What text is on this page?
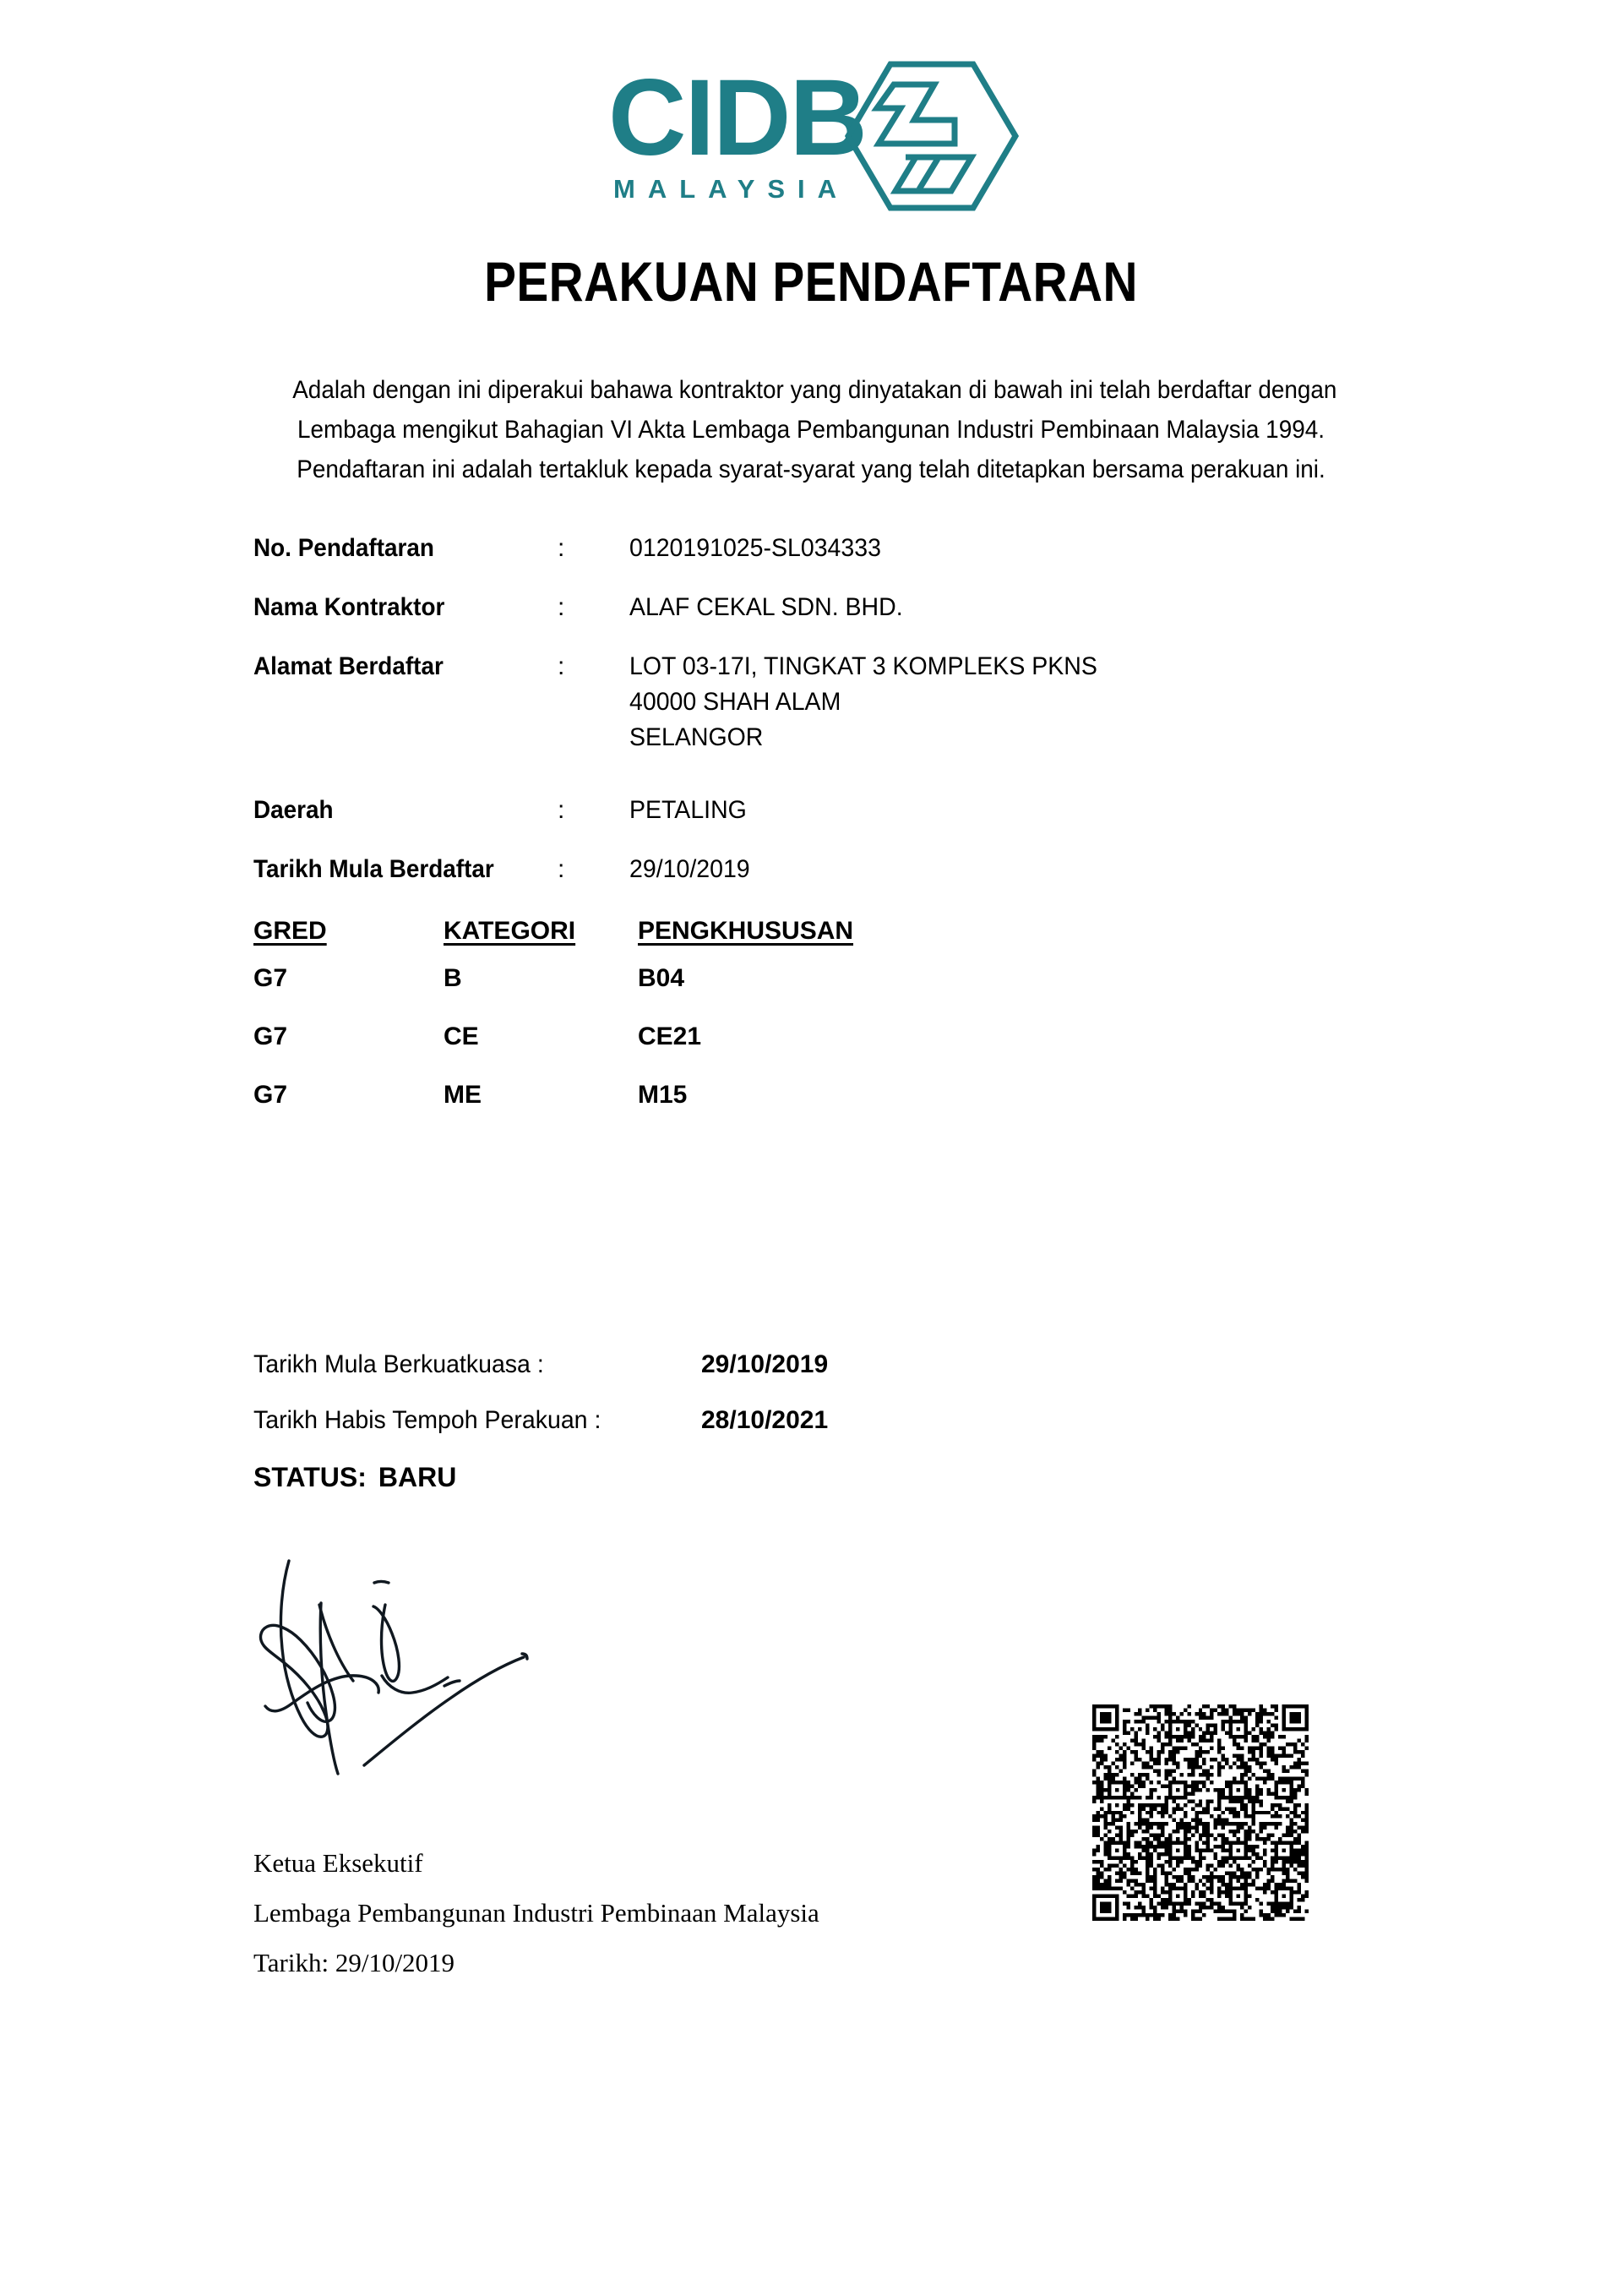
CIDB
MALAYSIA
PERAKUAN PENDAFTARAN
Adalah dengan ini diperakui bahawa kontraktor yang dinyatakan di bawah ini telah berdaftar dengan
Lembaga mengikut Bahagian VI Akta Lembaga Pembangunan Industri Pembinaan Malaysia 1994.
Pendaftaran ini adalah tertakluk kepada syarat-syarat yang telah ditetapkan bersama perakuan ini.
No. Pendaftaran	:	0120191025-SL034333
Nama Kontraktor	:	ALAF CEKAL SDN. BHD.
Alamat Berdaftar	:	LOT 03-17I, TINGKAT 3 KOMPLEKS PKNS
40000 SHAH ALAM
SELANGOR
Daerah	:	PETALING
Tarikh Mula Berdaftar	:	29/10/2019
GRED	KATEGORI	PENGKHUSUSAN
G7	B	B04
G7	CE	CE21
G7	ME	M15
Tarikh Mula Berkuatkuasa :	29/10/2019
Tarikh Habis Tempoh Perakuan :	28/10/2021
STATUS: BARU
Ketua Eksekutif
Lembaga Pembangunan Industri Pembinaan Malaysia
Tarikh: 29/10/2019
